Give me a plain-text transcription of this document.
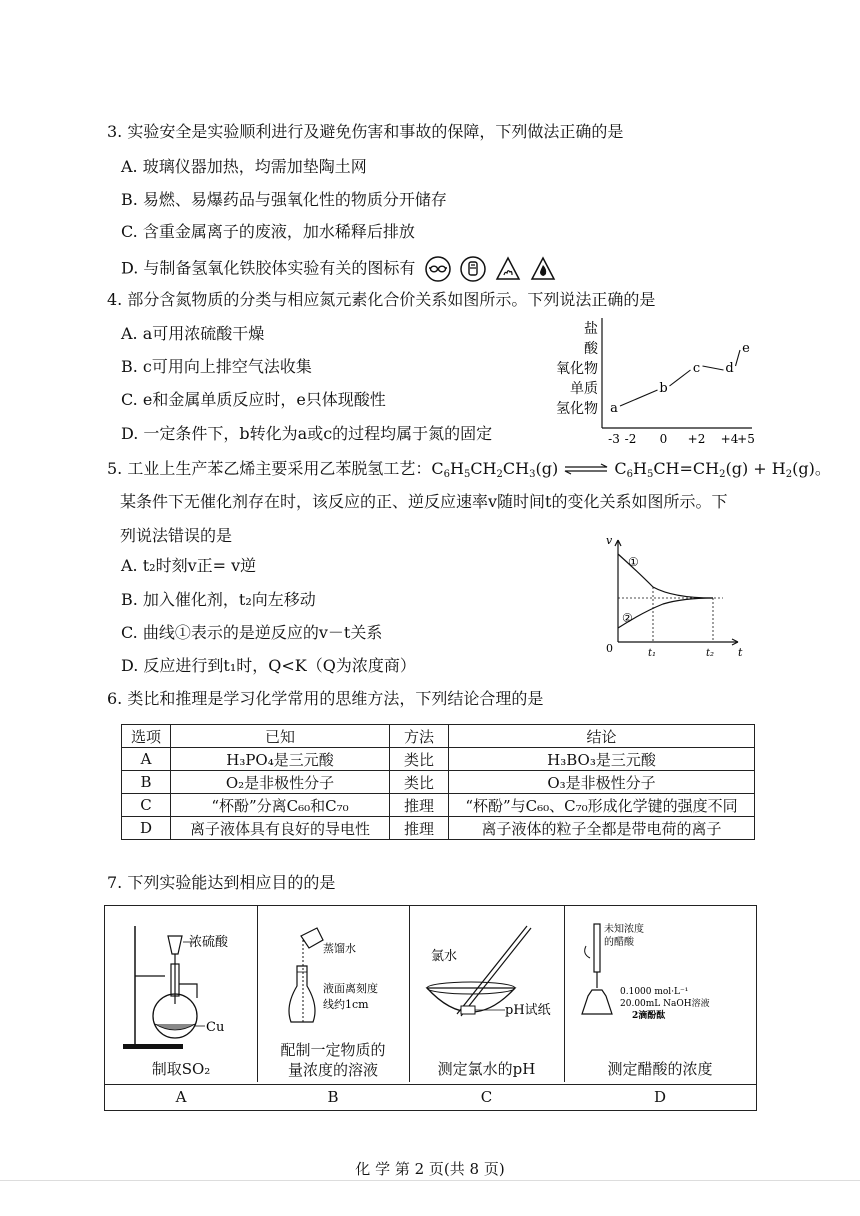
3. 实验安全是实验顺利进行及避免伤害和事故的保障，下列做法正确的是
A. 玻璃仪器加热，均需加垫陶土网
B. 易燃、易爆药品与强氧化性的物质分开储存
C. 含重金属离子的废液，加水稀释后排放
D. 与制备氢氧化铁胶体实验有关的图标有
4. 部分含氮物质的分类与相应氮元素化合价关系如图所示。下列说法正确的是
A. a可用浓硫酸干燥
B. c可用向上排空气法收集
C. e和金属单质反应时，e只体现酸性
D. 一定条件下，b转化为a或c的过程均属于氮的固定
氢化物
单质
氧化物
酸
盐
-3 -2 0 +2 +4
+5
a
b
c d
e
5. 工业上生产苯乙烯主要采用乙苯脱氢工艺：$C_6H_5CH_2CH_3(g)$ ⇌ $C_6H_5CH=CH_2(g) + H_2(g)$。
某条件下无催化剂存在时，该反应的正、逆反应速率v随时间t的变化关系如图所示。下
列说法错误的是
A. t₂时刻v正= v逆
B. 加入催化剂，t₂向左移动
C. 曲线①表示的是逆反应的v－t关系
D. 反应进行到t₁时，Q<K（Q为浓度商）
v
t
0
①
②
t₁	t₂
6. 类比和推理是学习化学常用的思维方法，下列结论合理的是
选项	已知	方法	结论
A	H₃PO₄是三元酸	类比	H₃BO₃是三元酸
B	O₂是非极性分子	类比	O₃是非极性分子
C	“杯酚”分离C₆₀和C₇₀	推理	“杯酚”与C₆₀、C₇₀形成化学键的强度不同
D	离子液体具有良好的导电性	推理	离子液体的粒子全都是带电荷的离子
7. 下列实验能达到相应目的的是
浓硫酸
Cu
制取SO₂
A
蒸馏水
液面离刻度
线约1cm
配制一定物质的
量浓度的溶液
B
氯水
pH试纸
测定氯水的pH
C
未知浓度
的醋酸
0.1000 mol·L⁻¹
20.00mL NaOH溶液
2滴酚酞
测定醋酸的浓度
D
化 学 第 2 页(共 8 页)
